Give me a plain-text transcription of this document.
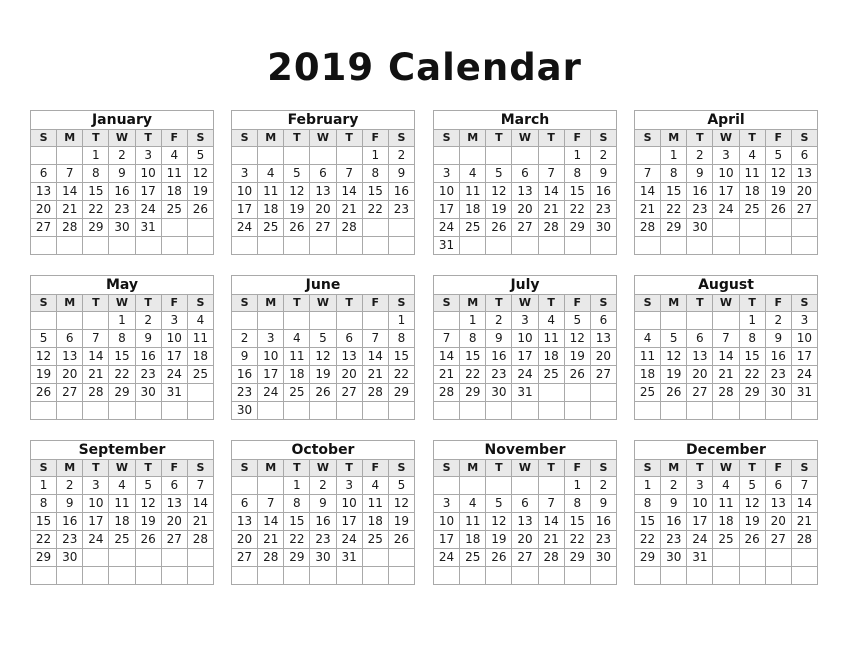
2019 Calendar
January						
S	M	T	W	T	F	S
		1	2	3	4	5
6	7	8	9	10	11	12
13	14	15	16	17	18	19
20	21	22	23	24	25	26
27	28	29	30	31		

February						
S	M	T	W	T	F	S
					1	2
3	4	5	6	7	8	9
10	11	12	13	14	15	16
17	18	19	20	21	22	23
24	25	26	27	28		

March						
S	M	T	W	T	F	S
					1	2
3	4	5	6	7	8	9
10	11	12	13	14	15	16
17	18	19	20	21	22	23
24	25	26	27	28	29	30
31						
April						
S	M	T	W	T	F	S
	1	2	3	4	5	6
7	8	9	10	11	12	13
14	15	16	17	18	19	20
21	22	23	24	25	26	27
28	29	30				

May						
S	M	T	W	T	F	S
			1	2	3	4
5	6	7	8	9	10	11
12	13	14	15	16	17	18
19	20	21	22	23	24	25
26	27	28	29	30	31	

June						
S	M	T	W	T	F	S
						1
2	3	4	5	6	7	8
9	10	11	12	13	14	15
16	17	18	19	20	21	22
23	24	25	26	27	28	29
30						
July						
S	M	T	W	T	F	S
	1	2	3	4	5	6
7	8	9	10	11	12	13
14	15	16	17	18	19	20
21	22	23	24	25	26	27
28	29	30	31			

August						
S	M	T	W	T	F	S
				1	2	3
4	5	6	7	8	9	10
11	12	13	14	15	16	17
18	19	20	21	22	23	24
25	26	27	28	29	30	31

September						
S	M	T	W	T	F	S
1	2	3	4	5	6	7
8	9	10	11	12	13	14
15	16	17	18	19	20	21
22	23	24	25	26	27	28
29	30					

October						
S	M	T	W	T	F	S
		1	2	3	4	5
6	7	8	9	10	11	12
13	14	15	16	17	18	19
20	21	22	23	24	25	26
27	28	29	30	31		

November						
S	M	T	W	T	F	S
					1	2
3	4	5	6	7	8	9
10	11	12	13	14	15	16
17	18	19	20	21	22	23
24	25	26	27	28	29	30

December						
S	M	T	W	T	F	S
1	2	3	4	5	6	7
8	9	10	11	12	13	14
15	16	17	18	19	20	21
22	23	24	25	26	27	28
29	30	31				
